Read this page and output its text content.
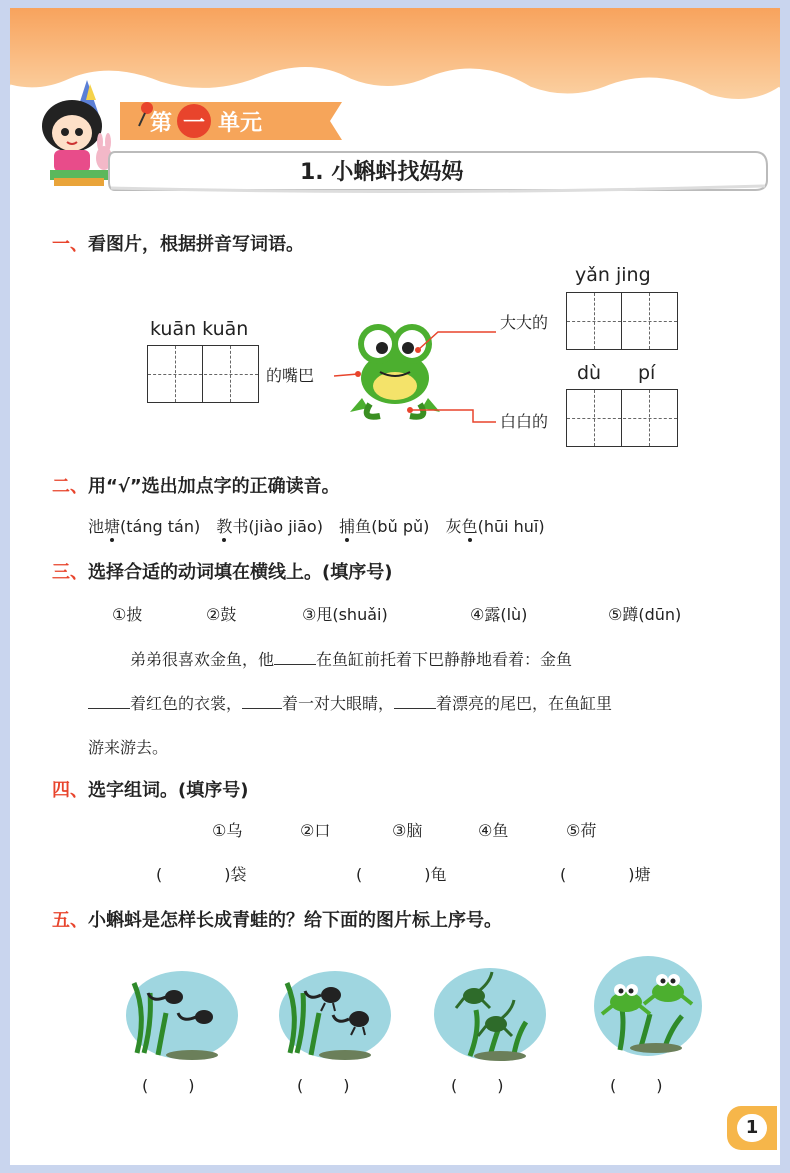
第 一 单元
1. 小蝌蚪找妈妈
一、看图片，根据拼音写词语。
kuān kuān
的嘴巴
大大的
yǎn jing
白白的
dù pí
二、用“√”选出加点字的正确读音。
池塘(táng tán) 教书(jiào jiāo) 捕鱼(bǔ pǔ) 灰色(hūi huī)
三、选择合适的动词填在横线上。(填序号)
①披	②鼓	③甩(shuǎi)	④露(lù)	⑤蹲(dūn)
弟弟很喜欢金鱼，他	在鱼缸前托着下巴静静地看着：金鱼
着红色的衣裳，	着一对大眼睛，	着漂亮的尾巴，在鱼缸里
游来游去。
四、选字组词。(填序号)
①乌	②口	③脑	④鱼	⑤荷
(	)袋	(	)龟	(	)塘
五、小蝌蚪是怎样长成青蛙的？给下面的图片标上序号。
(	)	(	)	(	)	(	)
1
